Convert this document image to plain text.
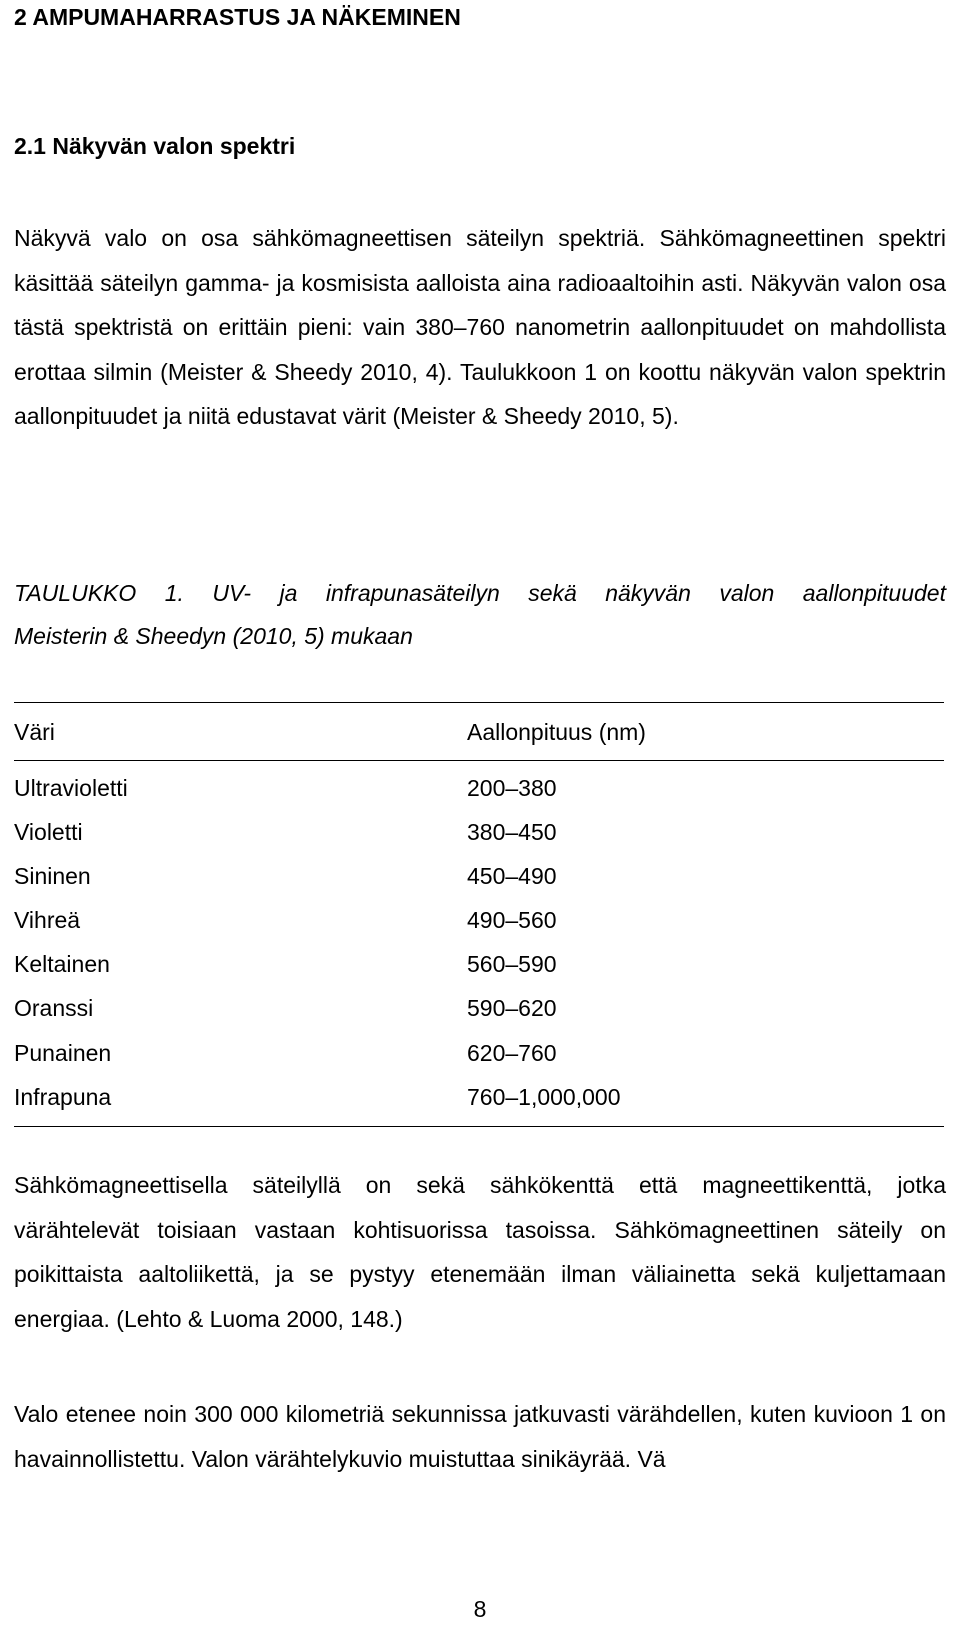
2 AMPUMAHARRASTUS JA NÄKEMINEN
2.1 Näkyvän valon spektri

Näkyvä valo on osa sähkömagneettisen säteilyn spektriä. Sähkömagneettinen spektri käsittää säteilyn gamma- ja kosmisista aalloista aina radioaaltoihin asti. Näkyvän valon osa tästä spektristä on erittäin pieni: vain 380–760 nanometrin aallonpituudet on mahdollista erottaa silmin (Meister & Sheedy 2010, 4). Taulukkoon 1 on koottu näkyvän valon spektrin aallonpituudet ja niitä edustavat värit (Meister & Sheedy 2010, 5).

TAULUKKO 1. UV- ja infrapunasäteilyn sekä näkyvän valon aallonpituudet
Meisterin & Sheedyn (2010, 5) mukaan
Väri	Aallonpituus (nm)
Ultravioletti	200–380
Violetti	380–450
Sininen	450–490
Vihreä	490–560
Keltainen	560–590
Oranssi	590–620
Punainen	620–760
Infrapuna	760–1,000,000

Sähkömagneettisella säteilyllä on sekä sähkökenttä että magneettikenttä, jotka värähtelevät toisiaan vastaan kohtisuorissa tasoissa. Sähkömagneettinen säteily on poikittaista aaltoliikettä, ja se pystyy etenemään ilman väliainetta sekä kuljettamaan energiaa. (Lehto & Luoma 2000, 148.)

Valo etenee noin 300 000 kilometriä sekunnissa jatkuvasti värähdellen, kuten kuvioon 1 on havainnollistettu. Valon värähtelykuvio muistuttaa sinikäyrää. Vä

8
